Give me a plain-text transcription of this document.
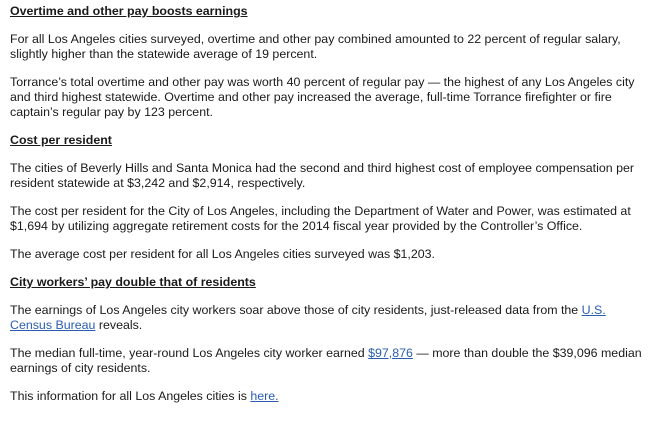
Overtime and other pay boosts earnings

For all Los Angeles cities surveyed, overtime and other pay combined amounted to 22 percent of regular salary, slightly higher than the statewide average of 19 percent.

Torrance’s total overtime and other pay was worth 40 percent of regular pay — the highest of any Los Angeles city and third highest statewide. Overtime and other pay increased the average, full-time Torrance firefighter or fire captain’s regular pay by 123 percent.

Cost per resident

The cities of Beverly Hills and Santa Monica had the second and third highest cost of employee compensation per resident statewide at $3,242 and $2,914, respectively.

The cost per resident for the City of Los Angeles, including the Department of Water and Power, was estimated at $1,694 by utilizing aggregate retirement costs for the 2014 fiscal year provided by the Controller’s Office.

The average cost per resident for all Los Angeles cities surveyed was $1,203.

City workers’ pay double that of residents

The earnings of Los Angeles city workers soar above those of city residents, just-released data from the U.S. Census Bureau reveals.

The median full-time, year-round Los Angeles city worker earned $97,876 — more than double the $39,096 median earnings of city residents.

This information for all Los Angeles cities is here.
